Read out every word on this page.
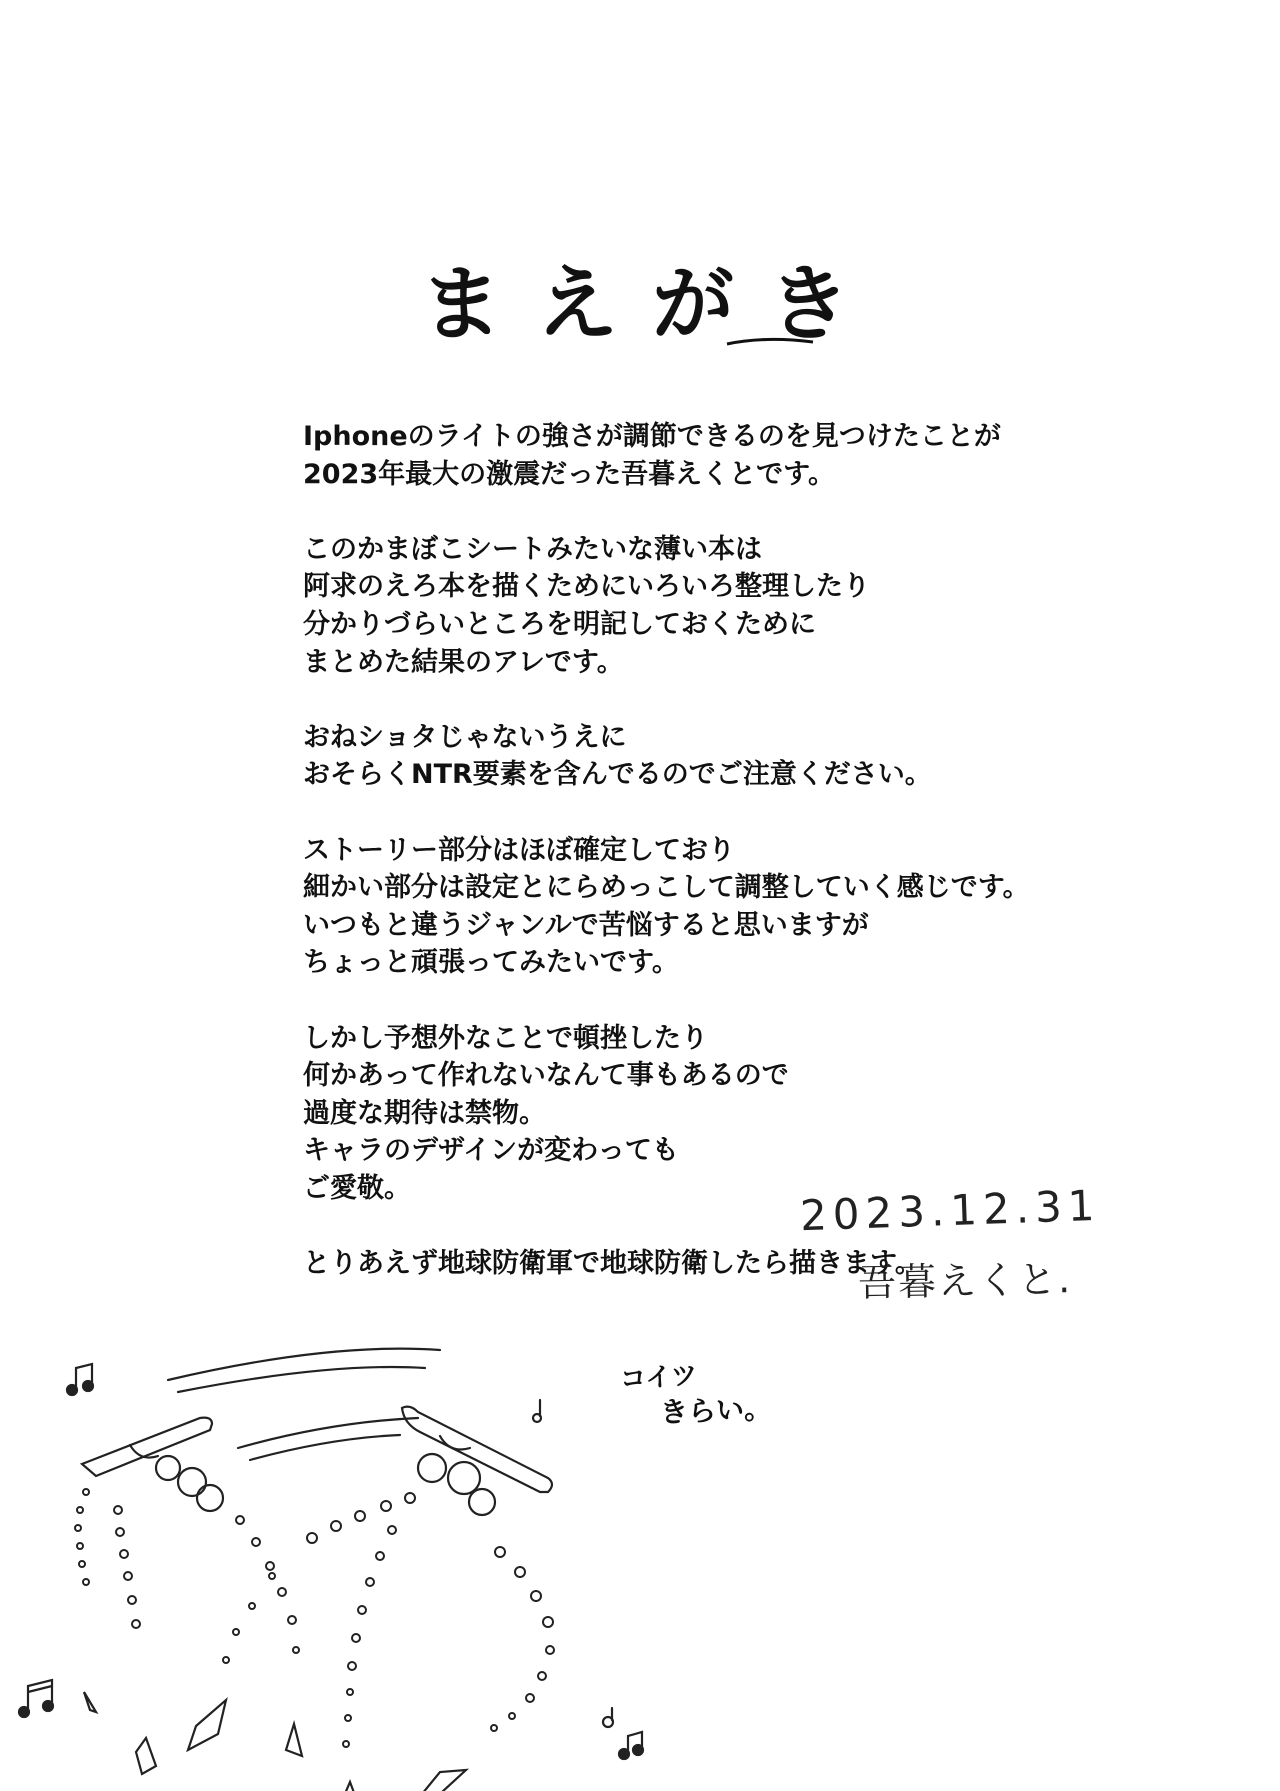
まえがき

Iphoneのライトの強さが調節できるのを見つけたことが
2023年最大の激震だった吾暮えくとです。

このかまぼこシートみたいな薄い本は
阿求のえろ本を描くためにいろいろ整理したり
分かりづらいところを明記しておくために
まとめた結果のアレです。

おねショタじゃないうえに
おそらくNTR要素を含んでるのでご注意ください。

ストーリー部分はほぼ確定しており
細かい部分は設定とにらめっこして調整していく感じです。
いつもと違うジャンルで苦悩すると思いますが
ちょっと頑張ってみたいです。

しかし予想外なことで頓挫したり
何かあって作れないなんて事もあるので
過度な期待は禁物。
キャラのデザインが変わっても
ご愛敬。

とりあえず地球防衛軍で地球防衛したら描きます。

2023.12.31
吾暮えくと.
コイツ
きらい。
